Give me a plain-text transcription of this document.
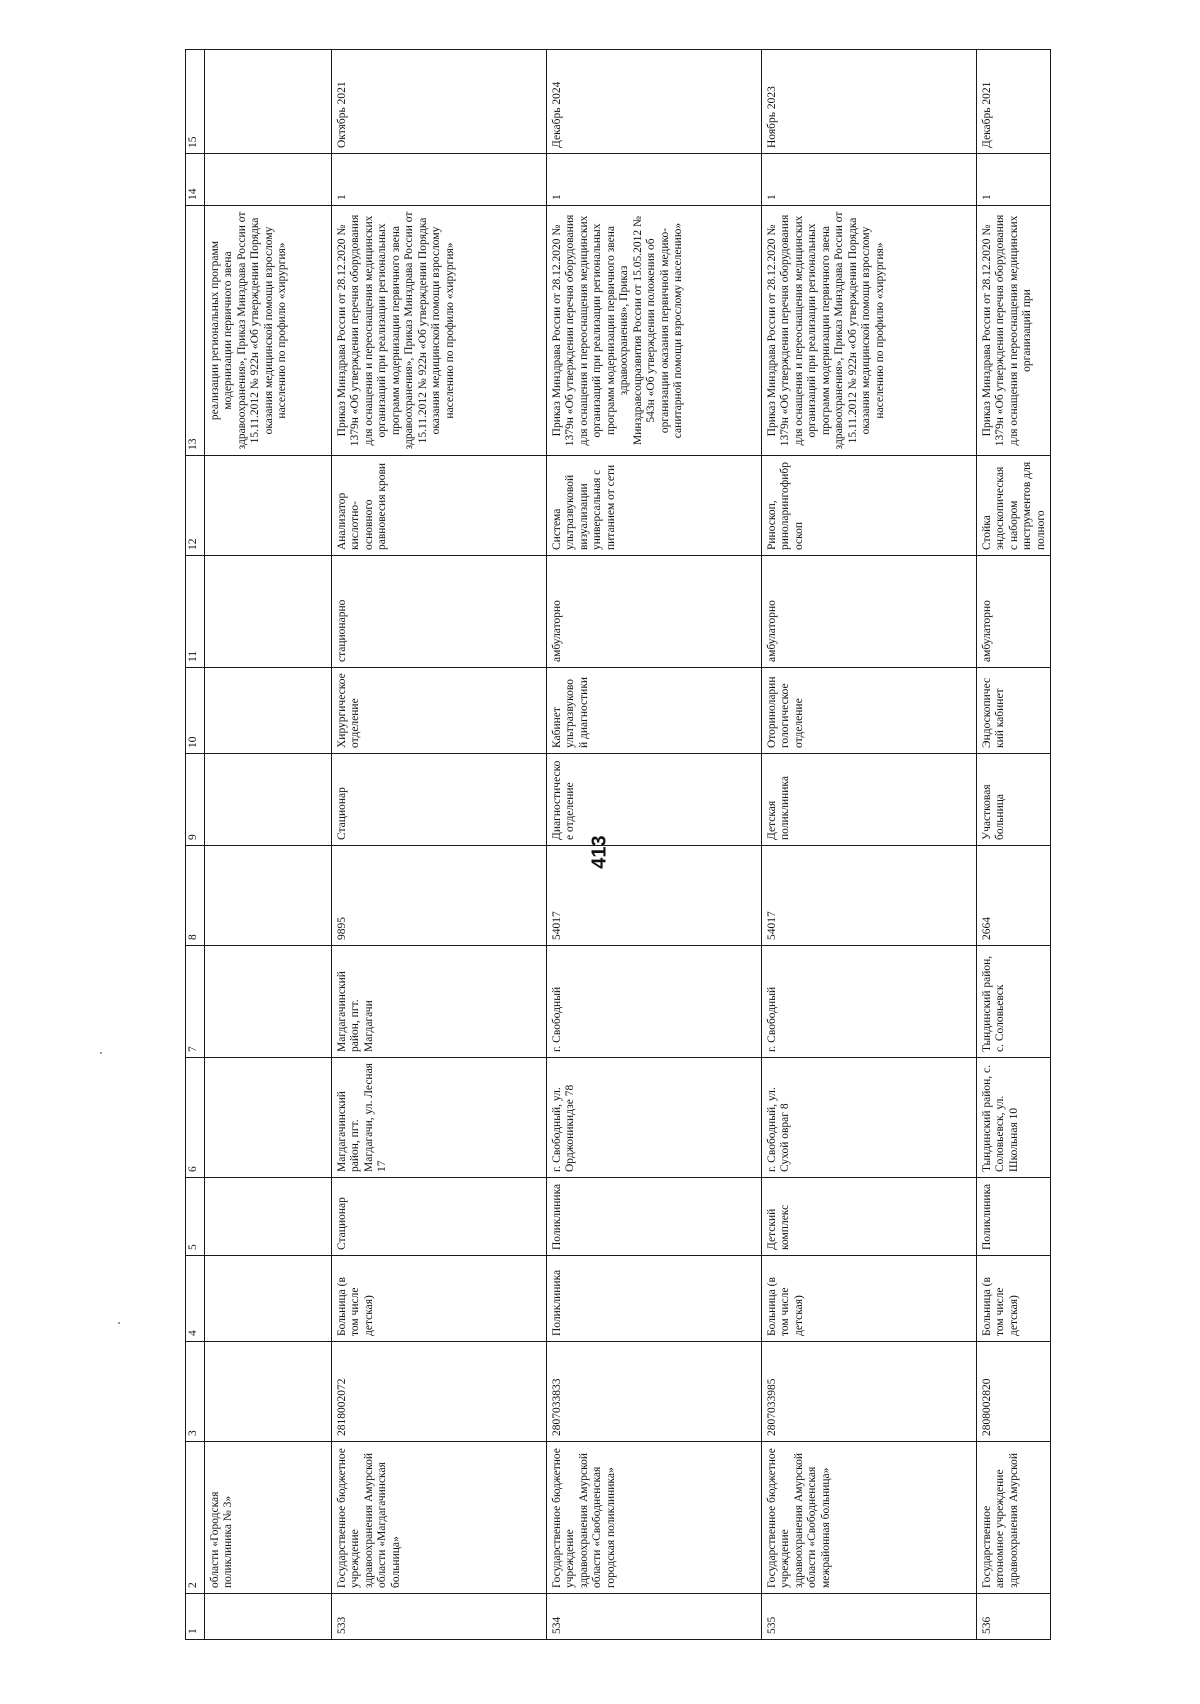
413
1	2	3	4	5	6	7	8	9	10	11	12	13	14	15
	области «Городская поликлиника № 3»											реализации региональных программ модернизации первичного звена здравоохранения», Приказ Минздрава России от 15.11.2012 № 922н «Об утверждении Порядка оказания медицинской помощи взрослому населению по профилю «хирургия»		
533	Государственное бюджетное учреждение здравоохранения Амурской области «Магдагачинская больница»	2818002072	Больница (в том числе детская)	Стационар	Магдагачинский район, пгт. Магдагачи, ул. Лесная 17	Магдагачинский район, пгт. Магдагачи	9895	Стационар	Хирургическое отделение	стационарно	Анализатор кислотно-основного равновесия крови	Приказ Минздрава России от 28.12.2020 № 1379н «Об утверждении перечня оборудования для оснащения и переоснащения медицинских организаций при реализации региональных программ модернизации первичного звена здравоохранения», Приказ Минздрава России от 15.11.2012 № 922н «Об утверждении Порядка оказания медицинской помощи взрослому населению по профилю «хирургия»	1	Октябрь 2021
534	Государственное бюджетное учреждение здравоохранения Амурской области «Свободненская городская поликлиника»	2807033833	Поликлиника	Поликлиника	г. Свободный, ул. Орджоникидзе 78	г. Свободный	54017	Диагностическое отделение	Кабинет ультразвуковой диагностики	амбулаторно	Система ультразвуковой визуализации универсальная с питанием от сети	Приказ Минздрава России от 28.12.2020 № 1379н «Об утверждении перечня оборудования для оснащения и переоснащения медицинских организаций при реализации региональных программ модернизации первичного звена здравоохранения», Приказ Минздравсоцразвития России от 15.05.2012 № 543н «Об утверждении положения об организации оказания первичной медико-санитарной помощи взрослому населению»	1	Декабрь 2024
535	Государственное бюджетное учреждение здравоохранения Амурской области «Свободненская межрайонная больница»	2807033985	Больница (в том числе детская)	Детский комплекс	г. Свободный, ул. Сухой овраг 8	г. Свободный	54017	Детская поликлиника	Оториноларингологическое отделение	амбулаторно	Риноскоп, риноларингофиброскоп	Приказ Минздрава России от 28.12.2020 № 1379н «Об утверждении перечня оборудования для оснащения и переоснащения медицинских организаций при реализации региональных программ модернизации первичного звена здравоохранения», Приказ Минздрава России от 15.11.2012 № 922н «Об утверждении Порядка оказания медицинской помощи взрослому населению по профилю «хирургия»	1	Ноябрь 2023
536	Государственное автономное учреждение здравоохранения Амурской	2808002820	Больница (в том числе детская)	Поликлиника	Тындинский район, с. Соловьевск, ул. Школьная 10	Тындинский район, с. Соловьевск	2664	Участковая больница	Эндоскопический кабинет	амбулаторно	Стойка эндоскопическая с набором инструментов для полного	Приказ Минздрава России от 28.12.2020 № 1379н «Об утверждении перечня оборудования для оснащения и переоснащения медицинских организаций при	1	Декабрь 2021
